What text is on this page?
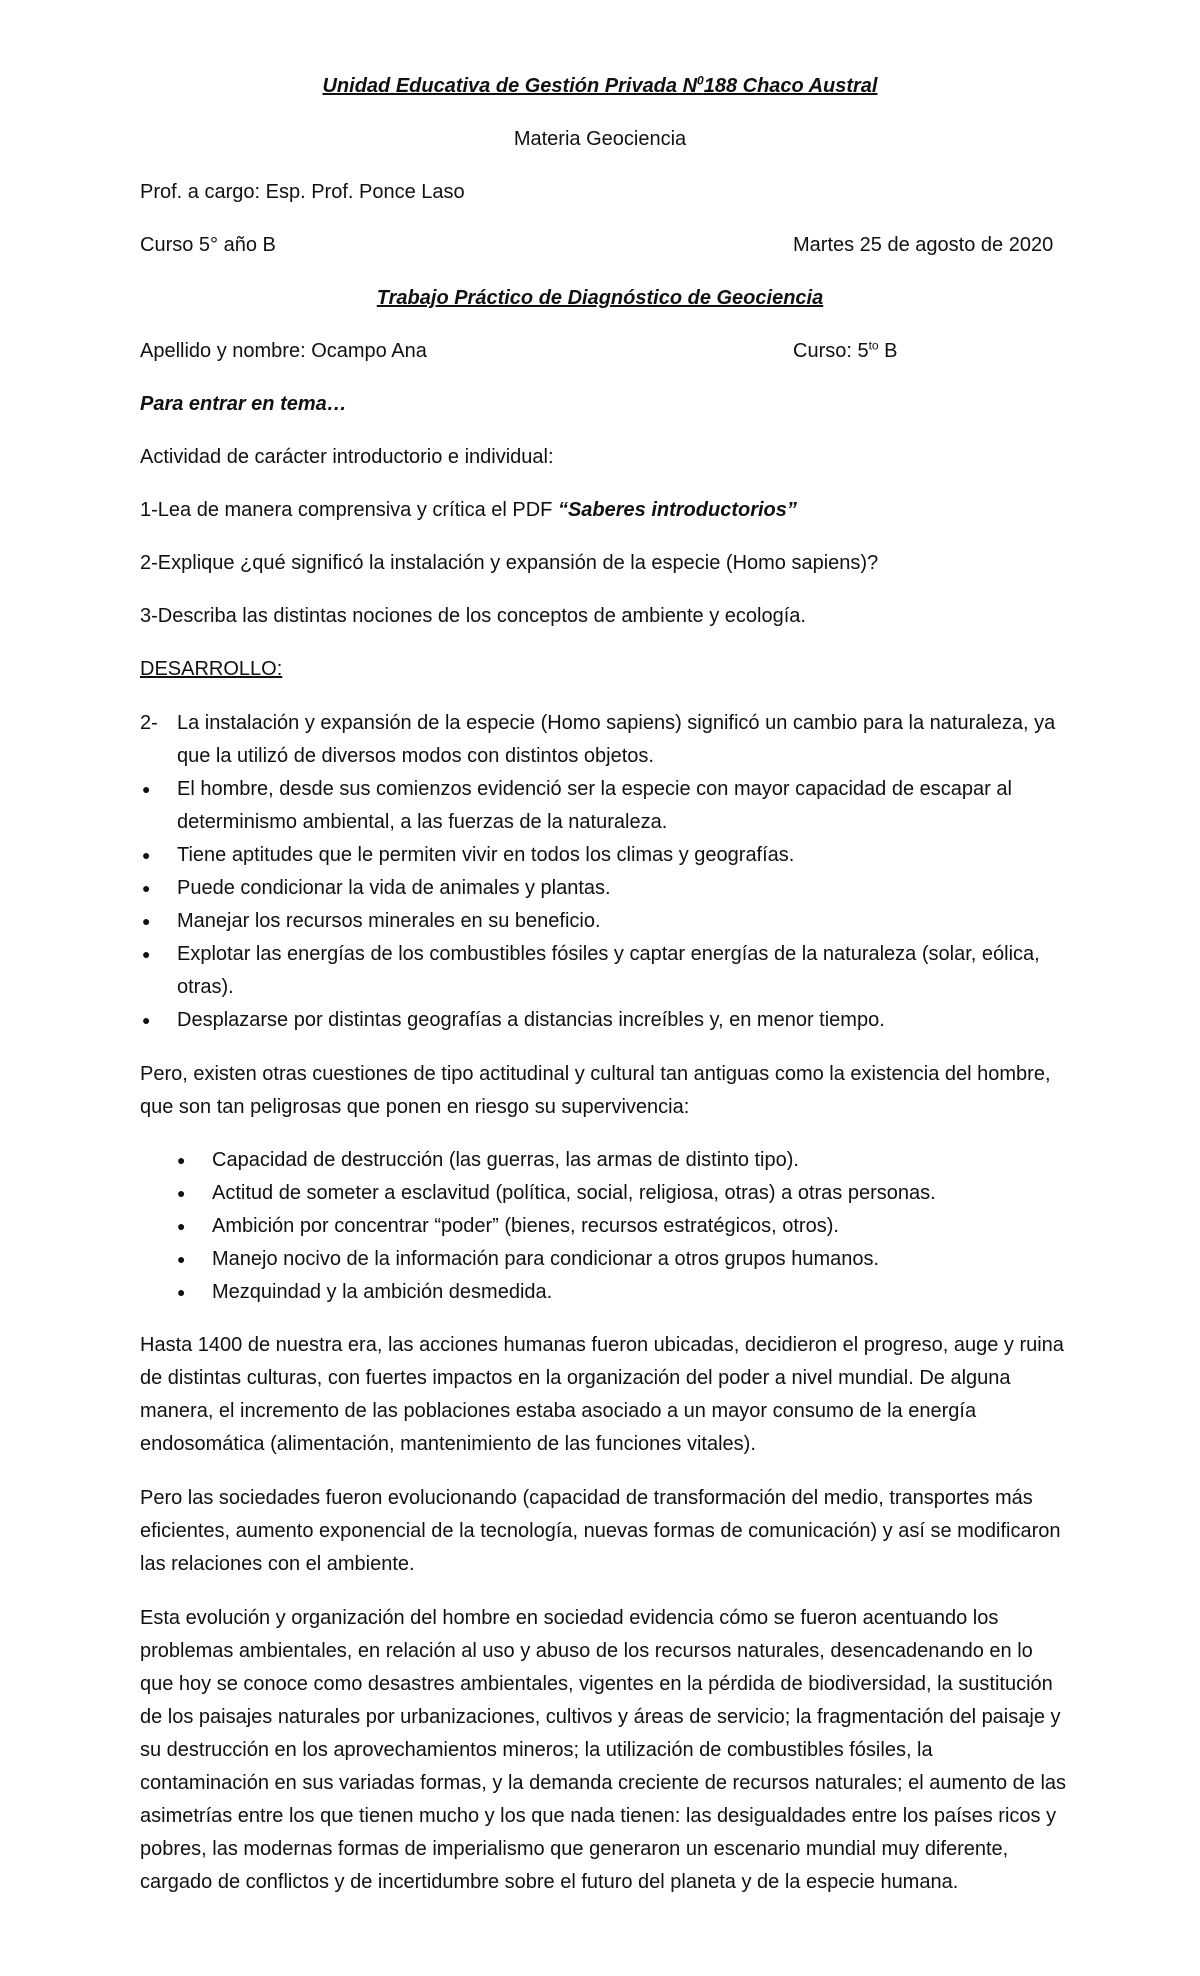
Unidad Educativa de Gestión Privada $N^0188$ Chaco Austral
Materia Geociencia
Prof. a cargo: Esp. Prof. Ponce Laso
Curso 5° año B	Martes 25 de agosto de 2020
Trabajo Práctico de Diagnóstico de Geociencia
Apellido y nombre: Ocampo Ana	Curso: $5^{to}$ B
Para entrar en tema…
Actividad de carácter introductorio e individual:
1-Lea de manera comprensiva y crítica el PDF “Saberes introductorios”
2-Explique ¿qué significó la instalación y expansión de la especie (Homo sapiens)?
3-Describa las distintas nociones de los conceptos de ambiente y ecología.
DESARROLLO:
2- La instalación y expansión de la especie (Homo sapiens) significó un cambio para la naturaleza, ya
que la utilizó de diversos modos con distintos objetos.
● El hombre, desde sus comienzos evidenció ser la especie con mayor capacidad de escapar al
determinismo ambiental, a las fuerzas de la naturaleza.
● Tiene aptitudes que le permiten vivir en todos los climas y geografías.
● Puede condicionar la vida de animales y plantas.
● Manejar los recursos minerales en su beneficio.
● Explotar las energías de los combustibles fósiles y captar energías de la naturaleza (solar, eólica,
otras).
● Desplazarse por distintas geografías a distancias increíbles y, en menor tiempo.
Pero, existen otras cuestiones de tipo actitudinal y cultural tan antiguas como la existencia del hombre,
que son tan peligrosas que ponen en riesgo su supervivencia:
● Capacidad de destrucción (las guerras, las armas de distinto tipo).
● Actitud de someter a esclavitud (política, social, religiosa, otras) a otras personas.
● Ambición por concentrar “poder” (bienes, recursos estratégicos, otros).
● Manejo nocivo de la información para condicionar a otros grupos humanos.
● Mezquindad y la ambición desmedida.
Hasta 1400 de nuestra era, las acciones humanas fueron ubicadas, decidieron el progreso, auge y ruina
de distintas culturas, con fuertes impactos en la organización del poder a nivel mundial. De alguna
manera, el incremento de las poblaciones estaba asociado a un mayor consumo de la energía
endosomática (alimentación, mantenimiento de las funciones vitales).
Pero las sociedades fueron evolucionando (capacidad de transformación del medio, transportes más
eficientes, aumento exponencial de la tecnología, nuevas formas de comunicación) y así se modificaron
las relaciones con el ambiente.
Esta evolución y organización del hombre en sociedad evidencia cómo se fueron acentuando los
problemas ambientales, en relación al uso y abuso de los recursos naturales, desencadenando en lo
que hoy se conoce como desastres ambientales, vigentes en la pérdida de biodiversidad, la sustitución
de los paisajes naturales por urbanizaciones, cultivos y áreas de servicio; la fragmentación del paisaje y
su destrucción en los aprovechamientos mineros; la utilización de combustibles fósiles, la
contaminación en sus variadas formas, y la demanda creciente de recursos naturales; el aumento de las
asimetrías entre los que tienen mucho y los que nada tienen: las desigualdades entre los países ricos y
pobres, las modernas formas de imperialismo que generaron un escenario mundial muy diferente,
cargado de conflictos y de incertidumbre sobre el futuro del planeta y de la especie humana.
